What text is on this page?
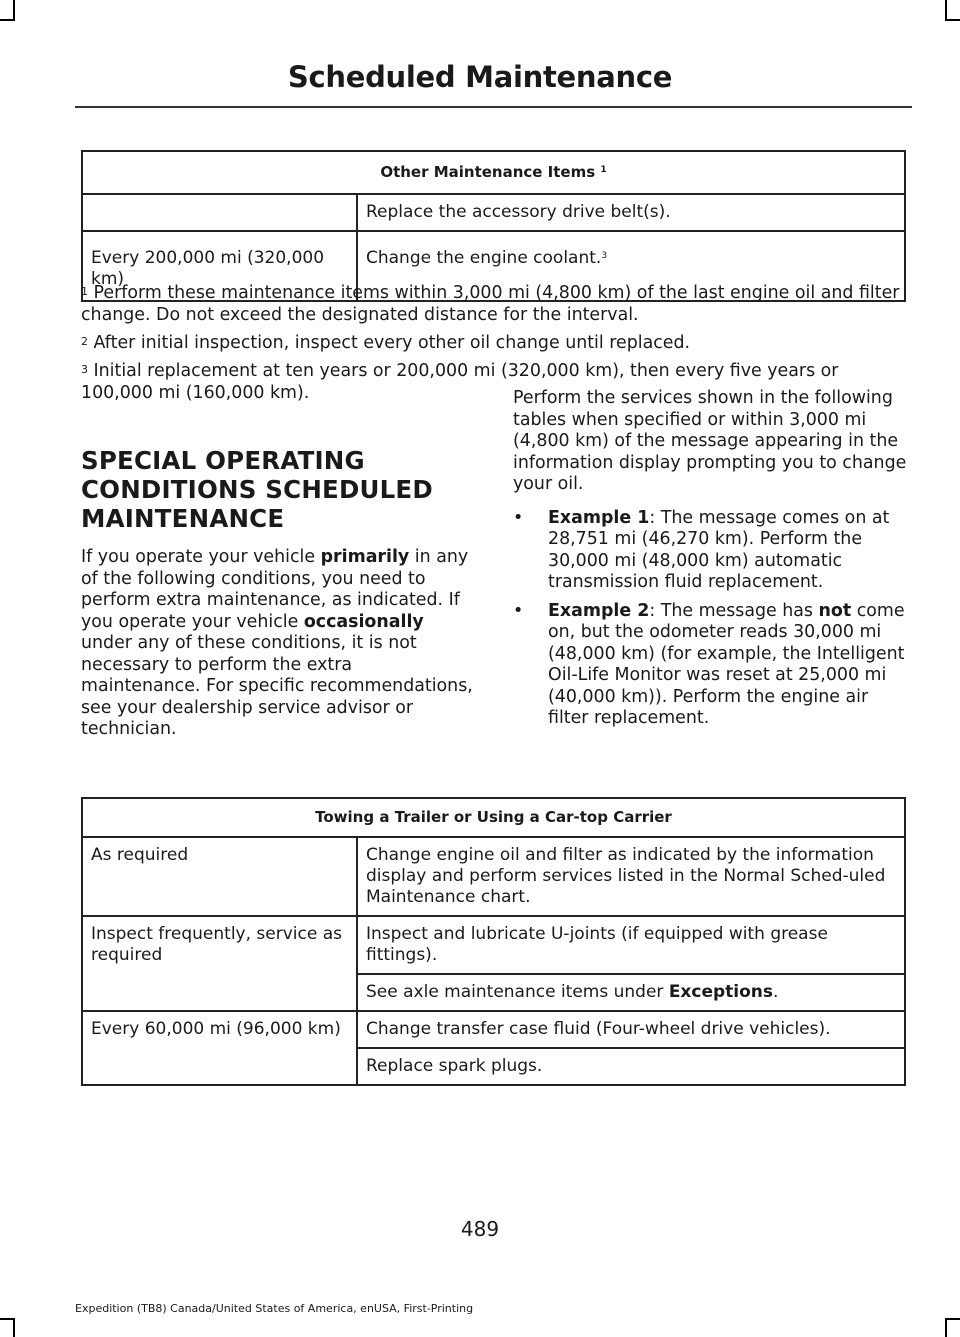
Scheduled Maintenance
Other Maintenance Items $^1$
	Replace the accessory drive belt(s).
Every 200,000 mi (320,000 km)	Change the engine coolant.$^3$

$^1$ Perform these maintenance items within 3,000 mi (4,800 km) of the last engine oil and filter change. Do not exceed the designated distance for the interval.

$^2$ After initial inspection, inspect every other oil change until replaced.

$^3$ Initial replacement at ten years or 200,000 mi (320,000 km), then every five years or 100,000 mi (160,000 km).

SPECIAL OPERATING
CONDITIONS SCHEDULED
MAINTENANCE

If you operate your vehicle primarily in any of the following conditions, you need to perform extra maintenance, as indicated. If you operate your vehicle occasionally under any of these conditions, it is not necessary to perform the extra maintenance. For specific recommendations, see your dealership service advisor or technician.

Perform the services shown in the following tables when specified or within 3,000 mi (4,800 km) of the message appearing in the information display prompting you to change your oil.

• Example 1: The message comes on at 28,751 mi (46,270 km). Perform the 30,000 mi (48,000 km) automatic transmission fluid replacement.
• Example 2: The message has not come on, but the odometer reads 30,000 mi (48,000 km) (for example, the Intelligent Oil-Life Monitor was reset at 25,000 mi (40,000 km)). Perform the engine air filter replacement.
Towing a Trailer or Using a Car-top Carrier	
As required	Change engine oil and filter as indicated by the information display and perform services listed in the Normal Sched-uled Maintenance chart.
Inspect frequently, service as required	Inspect and lubricate U-joints (if equipped with grease fittings).
	See axle maintenance items under Exceptions.
Every 60,000 mi (96,000 km)	Change transfer case fluid (Four-wheel drive vehicles).
	Replace spark plugs.
489
Expedition (TB8) Canada/United States of America, enUSA, First-Printing
